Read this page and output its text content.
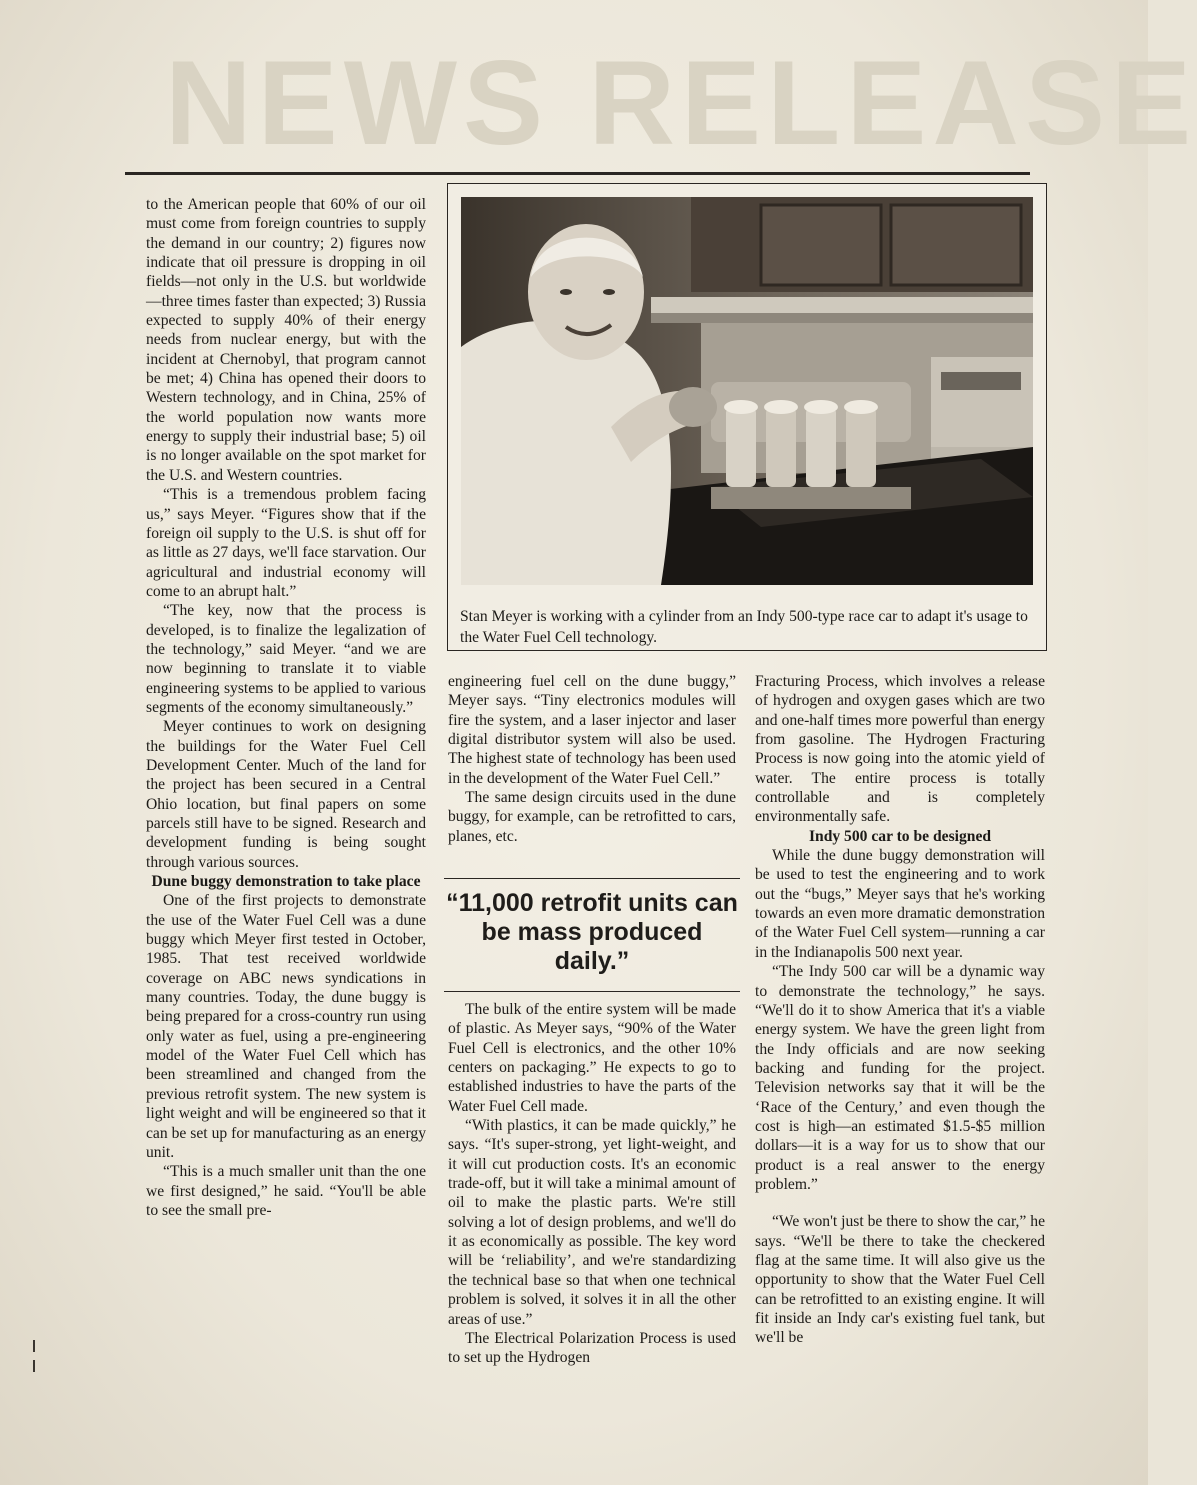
NEWS RELEASE
Stan Meyer is working with a cylinder from an Indy 500-type race car to adapt it's usage to the Water Fuel Cell technology.

to the American people that 60% of our oil must come from foreign countries to supply the demand in our country; 2) figures now indicate that oil pressure is dropping in oil fields—not only in the U.S. but worldwide—three times faster than expected; 3) Russia expected to supply 40% of their energy needs from nuclear energy, but with the incident at Chernobyl, that program cannot be met; 4) China has opened their doors to Western technology, and in China, 25% of the world population now wants more energy to supply their industrial base; 5) oil is no longer available on the spot market for the U.S. and Western countries.

“This is a tremendous problem facing us,” says Meyer. “Figures show that if the foreign oil supply to the U.S. is shut off for as little as 27 days, we'll face starvation. Our agricultural and industrial economy will come to an abrupt halt.”

“The key, now that the process is developed, is to finalize the legalization of the technology,” said Meyer. “and we are now beginning to translate it to viable engineering systems to be applied to various segments of the economy simultaneously.”

Meyer continues to work on designing the buildings for the Water Fuel Cell Development Center. Much of the land for the project has been secured in a Central Ohio location, but final papers on some parcels still have to be signed. Research and development funding is being sought through various sources.

Dune buggy demonstration to take place

One of the first projects to demonstrate the use of the Water Fuel Cell was a dune buggy which Meyer first tested in October, 1985. That test received worldwide coverage on ABC news syndications in many countries. Today, the dune buggy is being prepared for a cross-country run using only water as fuel, using a pre-engineering model of the Water Fuel Cell which has been streamlined and changed from the previous retrofit system. The new system is light weight and will be engineered so that it can be set up for manufacturing as an energy unit.

“This is a much smaller unit than the one we first designed,” he said. “You'll be able to see the small pre-

engineering fuel cell on the dune buggy,” Meyer says. “Tiny electronics modules will fire the system, and a laser injector and laser digital distributor system will also be used. The highest state of technology has been used in the development of the Water Fuel Cell.”

The same design circuits used in the dune buggy, for example, can be retrofitted to cars, planes, etc.

“11,000 retrofit units can be mass produced daily.”

The bulk of the entire system will be made of plastic. As Meyer says, “90% of the Water Fuel Cell is electronics, and the other 10% centers on packaging.” He expects to go to established industries to have the parts of the Water Fuel Cell made.

“With plastics, it can be made quickly,” he says. “It's super-strong, yet light-weight, and it will cut production costs. It's an economic trade-off, but it will take a minimal amount of oil to make the plastic parts. We're still solving a lot of design problems, and we'll do it as economically as possible. The key word will be ‘reliability’, and we're standardizing the technical base so that when one technical problem is solved, it solves it in all the other areas of use.”

The Electrical Polarization Process is used to set up the Hydrogen

Fracturing Process, which involves a release of hydrogen and oxygen gases which are two and one-half times more powerful than energy from gasoline. The Hydrogen Fracturing Process is now going into the atomic yield of water. The entire process is totally controllable and is completely environmentally safe.

Indy 500 car to be designed

While the dune buggy demonstration will be used to test the engineering and to work out the “bugs,” Meyer says that he's working towards an even more dramatic demonstration of the Water Fuel Cell system—running a car in the Indianapolis 500 next year.

“The Indy 500 car will be a dynamic way to demonstrate the technology,” he says. “We'll do it to show America that it's a viable energy system. We have the green light from the Indy officials and are now seeking backing and funding for the project. Television networks say that it will be the ‘Race of the Century,’ and even though the cost is high—an estimated $1.5-$5 million dollars—it is a way for us to show that our product is a real answer to the energy problem.”

“We won't just be there to show the car,” he says. “We'll be there to take the checkered flag at the same time. It will also give us the opportunity to show that the Water Fuel Cell can be retrofitted to an existing engine. It will fit inside an Indy car's existing fuel tank, but we'll be
